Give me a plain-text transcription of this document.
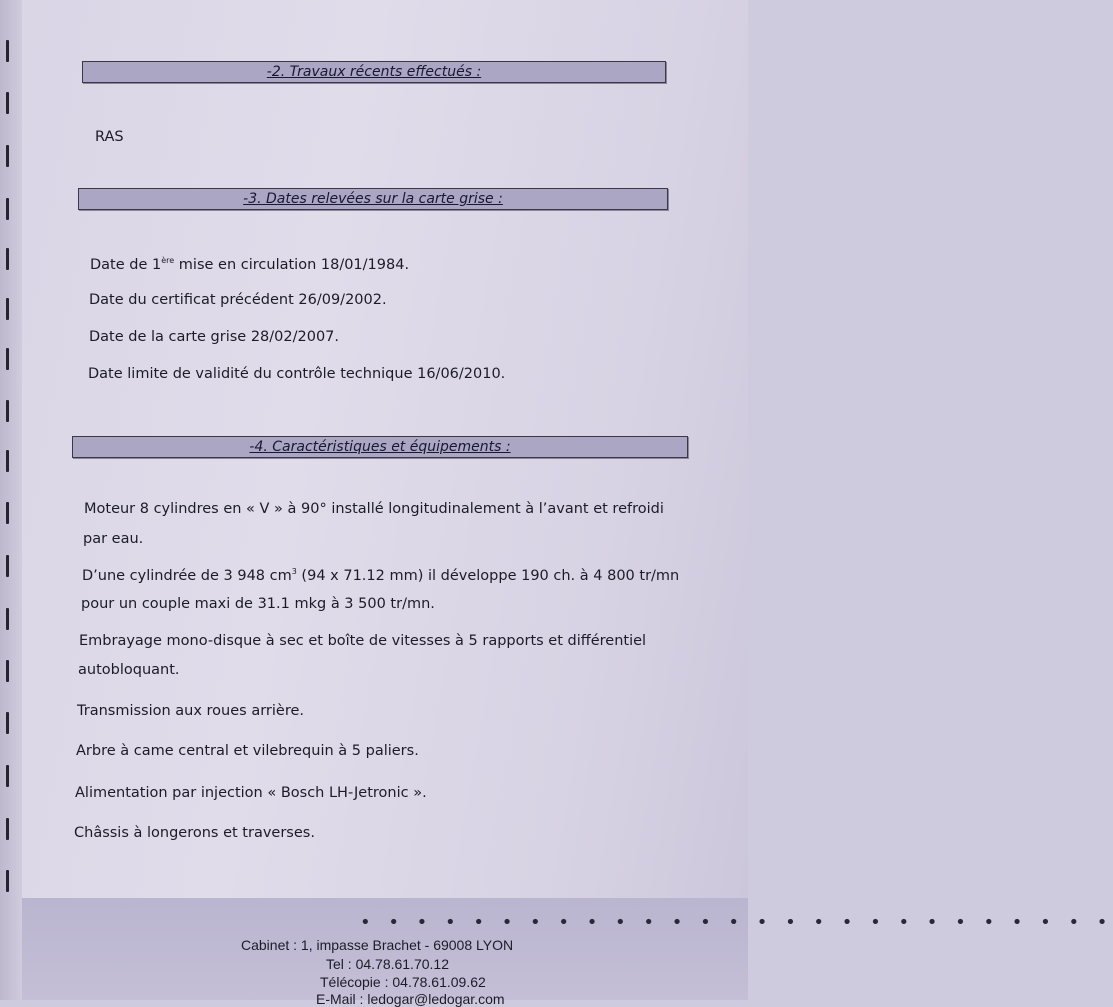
-2. Travaux récents effectués :
RAS
-3. Dates relevées sur la carte grise :
Date de 1ère mise en circulation 18/01/1984.
Date du certificat précédent 26/09/2002.
Date de la carte grise 28/02/2007.
Date limite de validité du contrôle technique 16/06/2010.
-4. Caractéristiques et équipements :
Moteur 8 cylindres en « V » à 90° installé longitudinalement à l’avant et refroidi
par eau.
D’une cylindrée de 3 948 $cm^3$ (94 x 71.12 mm) il développe 190 ch. à 4 800 tr/mn
pour un couple maxi de 31.1 mkg à 3 500 tr/mn.
Embrayage mono-disque à sec et boîte de vitesses à 5 rapports et différentiel
autobloquant.
Transmission aux roues arrière.
Arbre à came central et vilebrequin à 5 paliers.
Alimentation par injection « Bosch LH-Jetronic ».
Châssis à longerons et traverses.
• • • • • • • • • • • • • • • • • • • • • • • • • • •
Cabinet : 1, impasse Brachet - 69008 LYON
Tel : 04.78.61.70.12
Télécopie : 04.78.61.09.62
E-Mail : ledogar@ledogar.com
